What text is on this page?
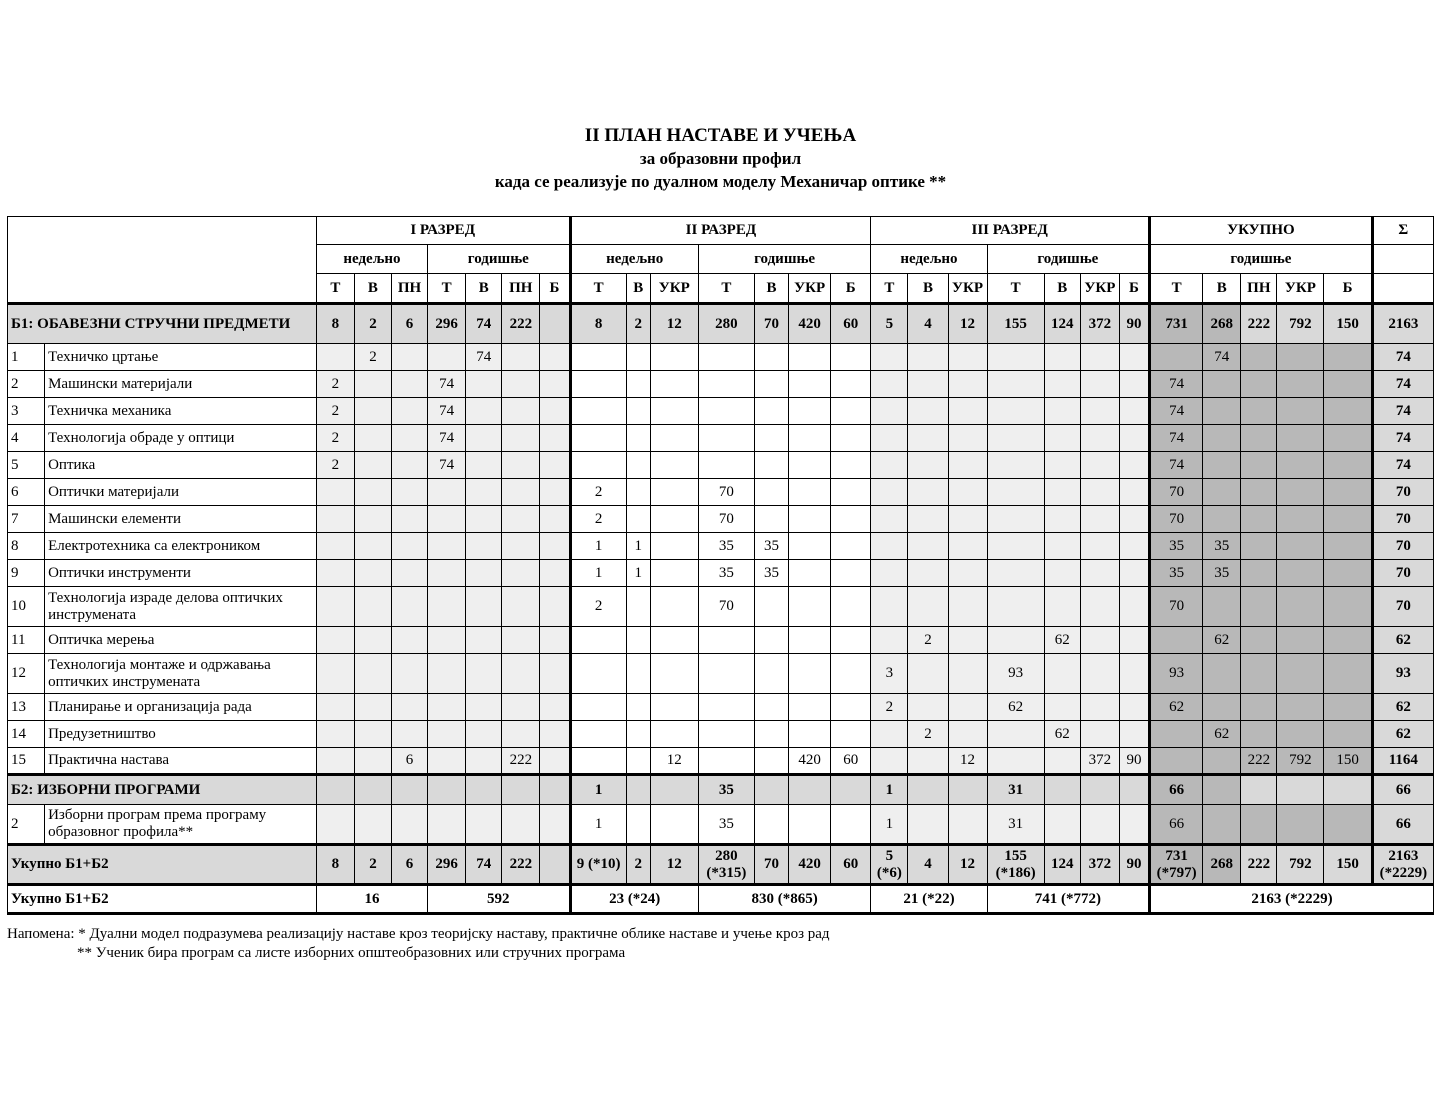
II ПЛАН НАСТАВЕ И УЧЕЊА
за образовни профил
када се реализује по дуалном моделу Механичар оптике **
		I РАЗРЕД							II РАЗРЕД							III РАЗРЕД							УКУПНО					Σ
		недељно			годишње				недељно			годишње				недељно			годишње				годишње					
		Т	В	ПН	Т	В	ПН	Б	Т	В	УКР	Т	В	УКР	Б	Т	В	УКР	Т	В	УКР	Б	Т	В	ПН	УКР	Б	
Б1: ОБАВЕЗНИ СТРУЧНИ ПРЕДМЕТИ		8	2	6	296	74	222		8	2	12	280	70	420	60	5	4	12	155	124	372	90	731	268	222	792	150	2163
1	Техничко цртање		2			74																		74				74
2	Машински материјали	2			74																		74					74
3	Техничка механика	2			74																		74					74
4	Технологија обраде у оптици	2			74																		74					74
5	Оптика	2			74																		74					74
6	Оптички материјали								2			70											70					70
7	Машински елементи								2			70											70					70
8	Електротехника са електроником								1	1		35	35										35	35				70
9	Оптички инструменти								1	1		35	35										35	35				70
10	Технологија израде делова оптичких инструмената								2			70											70					70
11	Оптичка мерења																2			62				62				62
12	Технологија монтаже и одржавања оптичких инструмената															3			93				93					93
13	Планирање и организација рада															2			62				62					62
14	Предузетништво																2			62				62				62
15	Практична настава			6			222				12			420	60			12			372	90			222	792	150	1164
Б2: ИЗБОРНИ ПРОГРАМИ									1			35				1			31				66					66
2	Изборни програм према програму образовног профила**								1			35				1			31				66					66
Укупно Б1+Б2		8	2	6	296	74	222		9 (*10)	2	12	280 (*315)	70	420	60	5 (*6)	4	12	155 (*186)	124	372	90	731 (*797)	268	222	792	150	2163 (*2229)
Укупно Б1+Б2		16			592				23 (*24)			830 (*865)				21 (*22)			741 (*772)				2163 (*2229)					
Напомена: * Дуални модел подразумева реализацију наставе кроз теоријску наставу, практичне облике наставе и учење кроз рад
** Ученик бира програм са листе изборних општеобразовних или стручних програма
